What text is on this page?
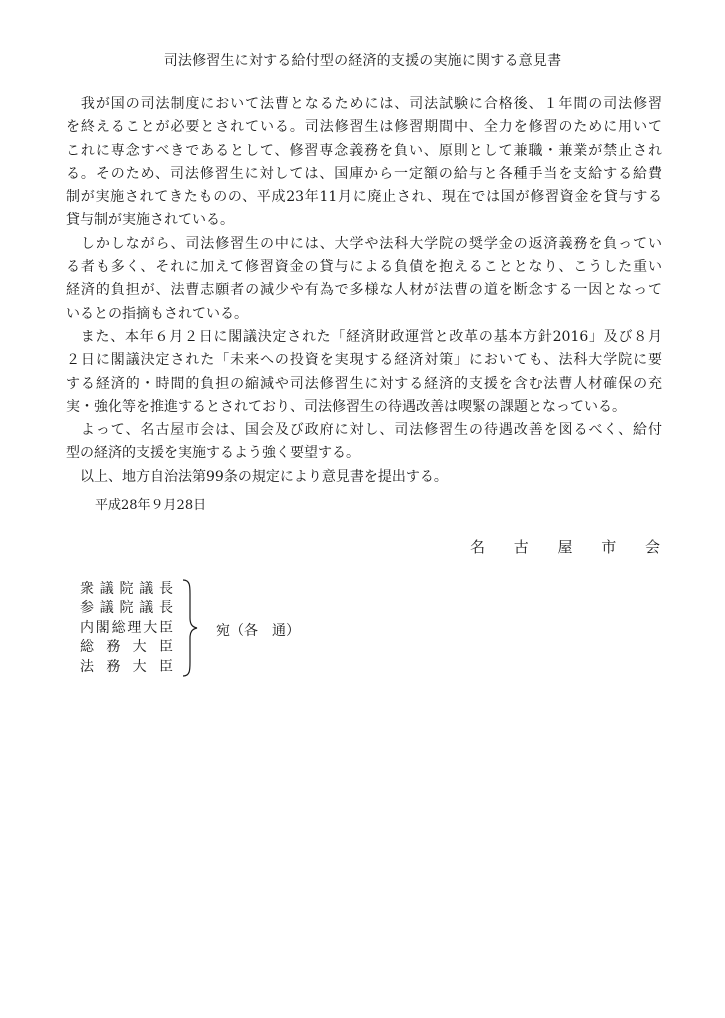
司法修習生に対する給付型の経済的支援の実施に関する意見書
　我が国の司法制度において法曹となるためには、司法試験に合格後、１年間の司法修習
を終えることが必要とされている。司法修習生は修習期間中、全力を修習のために用いて
これに専念すべきであるとして、修習専念義務を負い、原則として兼職・兼業が禁止され
る。そのため、司法修習生に対しては、国庫から一定額の給与と各種手当を支給する給費
制が実施されてきたものの、平成23年11月に廃止され、現在では国が修習資金を貸与する
貸与制が実施されている。
　しかしながら、司法修習生の中には、大学や法科大学院の奨学金の返済義務を負ってい
る者も多く、それに加えて修習資金の貸与による負債を抱えることとなり、こうした重い
経済的負担が、法曹志願者の減少や有為で多様な人材が法曹の道を断念する一因となって
いるとの指摘もされている。
　また、本年６月２日に閣議決定された「経済財政運営と改革の基本方針2016」及び８月
２日に閣議決定された「未来への投資を実現する経済対策」においても、法科大学院に要
する経済的・時間的負担の縮減や司法修習生に対する経済的支援を含む法曹人材確保の充
実・強化等を推進するとされており、司法修習生の待遇改善は喫緊の課題となっている。
　よって、名古屋市会は、国会及び政府に対し、司法修習生の待遇改善を図るべく、給付
型の経済的支援を実施するよう強く要望する。
　以上、地方自治法第99条の規定により意見書を提出する。
平成28年９月28日
名古屋市会
衆議院議長
参議院議長
内閣総理大臣
総務大臣
法務大臣
宛（各　通）
